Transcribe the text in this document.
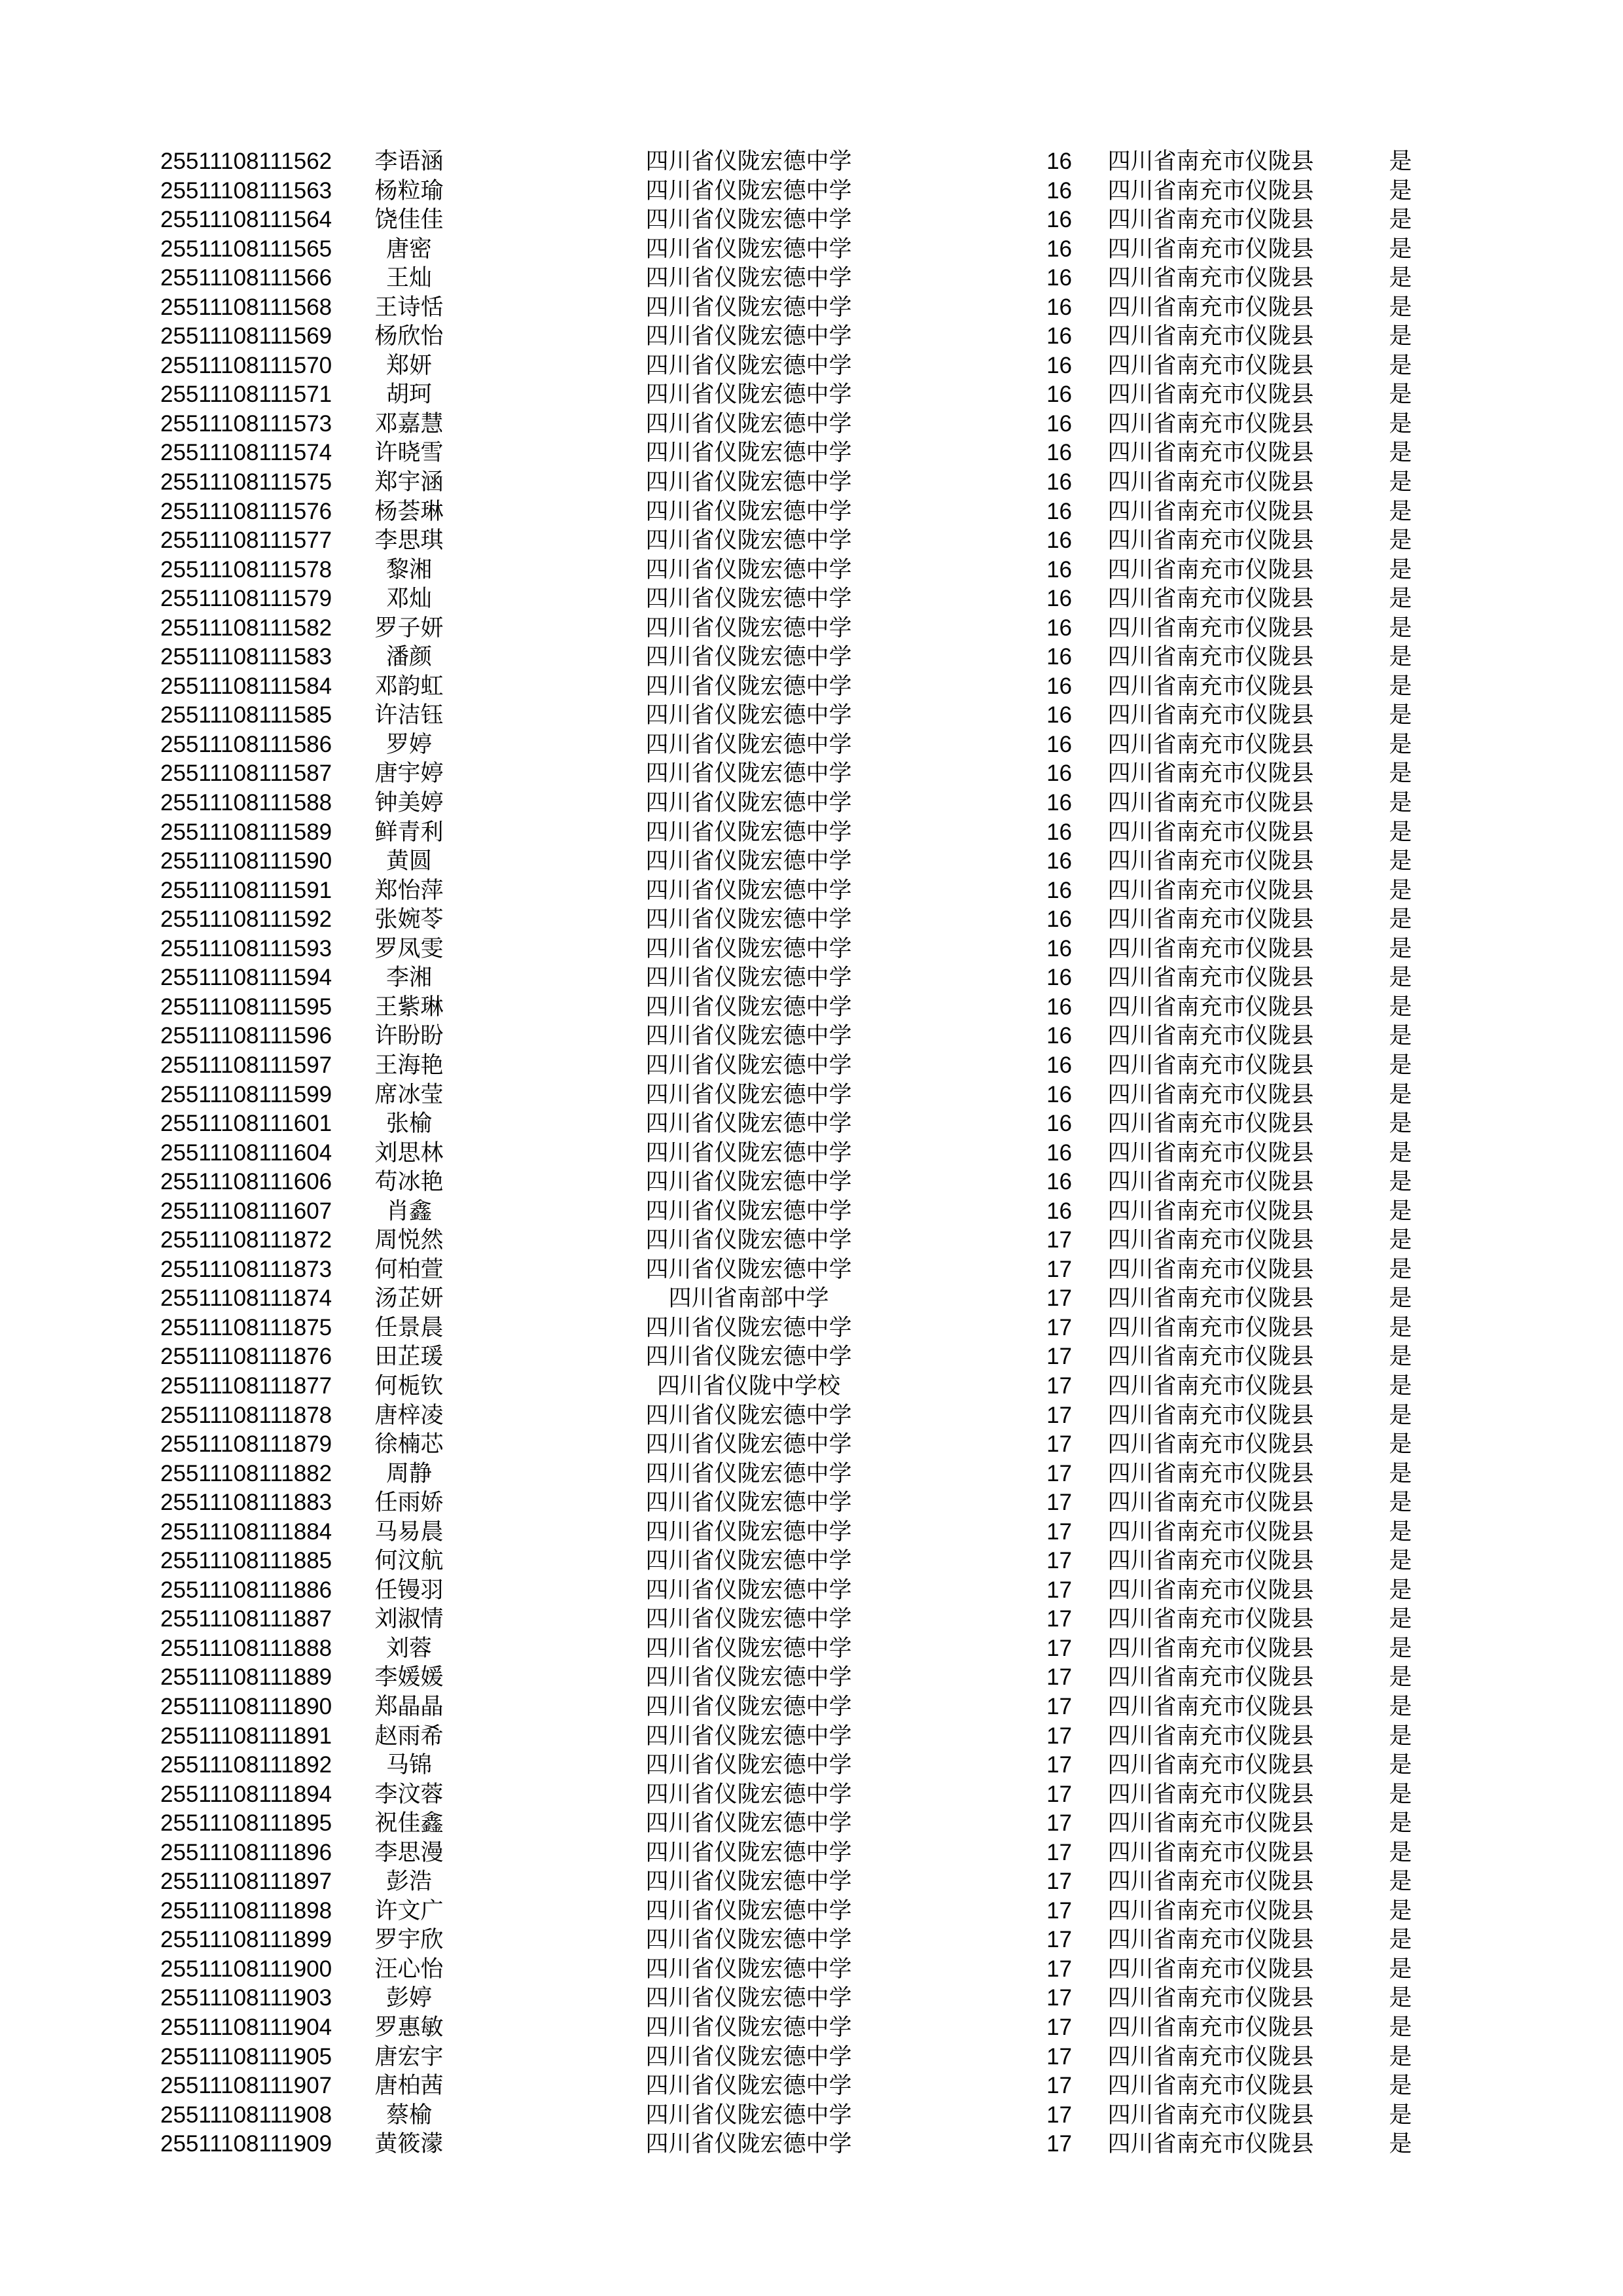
25511108111562	李语涵	四川省仪陇宏德中学	16	四川省南充市仪陇县	是
25511108111563	杨粒瑜	四川省仪陇宏德中学	16	四川省南充市仪陇县	是
25511108111564	饶佳佳	四川省仪陇宏德中学	16	四川省南充市仪陇县	是
25511108111565	唐密	四川省仪陇宏德中学	16	四川省南充市仪陇县	是
25511108111566	王灿	四川省仪陇宏德中学	16	四川省南充市仪陇县	是
25511108111568	王诗恬	四川省仪陇宏德中学	16	四川省南充市仪陇县	是
25511108111569	杨欣怡	四川省仪陇宏德中学	16	四川省南充市仪陇县	是
25511108111570	郑妍	四川省仪陇宏德中学	16	四川省南充市仪陇县	是
25511108111571	胡珂	四川省仪陇宏德中学	16	四川省南充市仪陇县	是
25511108111573	邓嘉慧	四川省仪陇宏德中学	16	四川省南充市仪陇县	是
25511108111574	许晓雪	四川省仪陇宏德中学	16	四川省南充市仪陇县	是
25511108111575	郑宇涵	四川省仪陇宏德中学	16	四川省南充市仪陇县	是
25511108111576	杨荟琳	四川省仪陇宏德中学	16	四川省南充市仪陇县	是
25511108111577	李思琪	四川省仪陇宏德中学	16	四川省南充市仪陇县	是
25511108111578	黎湘	四川省仪陇宏德中学	16	四川省南充市仪陇县	是
25511108111579	邓灿	四川省仪陇宏德中学	16	四川省南充市仪陇县	是
25511108111582	罗子妍	四川省仪陇宏德中学	16	四川省南充市仪陇县	是
25511108111583	潘颜	四川省仪陇宏德中学	16	四川省南充市仪陇县	是
25511108111584	邓韵虹	四川省仪陇宏德中学	16	四川省南充市仪陇县	是
25511108111585	许洁钰	四川省仪陇宏德中学	16	四川省南充市仪陇县	是
25511108111586	罗婷	四川省仪陇宏德中学	16	四川省南充市仪陇县	是
25511108111587	唐宇婷	四川省仪陇宏德中学	16	四川省南充市仪陇县	是
25511108111588	钟美婷	四川省仪陇宏德中学	16	四川省南充市仪陇县	是
25511108111589	鲜青利	四川省仪陇宏德中学	16	四川省南充市仪陇县	是
25511108111590	黄圆	四川省仪陇宏德中学	16	四川省南充市仪陇县	是
25511108111591	郑怡萍	四川省仪陇宏德中学	16	四川省南充市仪陇县	是
25511108111592	张婉苓	四川省仪陇宏德中学	16	四川省南充市仪陇县	是
25511108111593	罗凤雯	四川省仪陇宏德中学	16	四川省南充市仪陇县	是
25511108111594	李湘	四川省仪陇宏德中学	16	四川省南充市仪陇县	是
25511108111595	王紫琳	四川省仪陇宏德中学	16	四川省南充市仪陇县	是
25511108111596	许盼盼	四川省仪陇宏德中学	16	四川省南充市仪陇县	是
25511108111597	王海艳	四川省仪陇宏德中学	16	四川省南充市仪陇县	是
25511108111599	席冰莹	四川省仪陇宏德中学	16	四川省南充市仪陇县	是
25511108111601	张榆	四川省仪陇宏德中学	16	四川省南充市仪陇县	是
25511108111604	刘思林	四川省仪陇宏德中学	16	四川省南充市仪陇县	是
25511108111606	苟冰艳	四川省仪陇宏德中学	16	四川省南充市仪陇县	是
25511108111607	肖鑫	四川省仪陇宏德中学	16	四川省南充市仪陇县	是
25511108111872	周悦然	四川省仪陇宏德中学	17	四川省南充市仪陇县	是
25511108111873	何柏萱	四川省仪陇宏德中学	17	四川省南充市仪陇县	是
25511108111874	汤芷妍	四川省南部中学	17	四川省南充市仪陇县	是
25511108111875	任景晨	四川省仪陇宏德中学	17	四川省南充市仪陇县	是
25511108111876	田芷瑗	四川省仪陇宏德中学	17	四川省南充市仪陇县	是
25511108111877	何栀钦	四川省仪陇中学校	17	四川省南充市仪陇县	是
25511108111878	唐梓凌	四川省仪陇宏德中学	17	四川省南充市仪陇县	是
25511108111879	徐楠芯	四川省仪陇宏德中学	17	四川省南充市仪陇县	是
25511108111882	周静	四川省仪陇宏德中学	17	四川省南充市仪陇县	是
25511108111883	任雨娇	四川省仪陇宏德中学	17	四川省南充市仪陇县	是
25511108111884	马易晨	四川省仪陇宏德中学	17	四川省南充市仪陇县	是
25511108111885	何汶航	四川省仪陇宏德中学	17	四川省南充市仪陇县	是
25511108111886	任镘羽	四川省仪陇宏德中学	17	四川省南充市仪陇县	是
25511108111887	刘淑情	四川省仪陇宏德中学	17	四川省南充市仪陇县	是
25511108111888	刘蓉	四川省仪陇宏德中学	17	四川省南充市仪陇县	是
25511108111889	李媛媛	四川省仪陇宏德中学	17	四川省南充市仪陇县	是
25511108111890	郑晶晶	四川省仪陇宏德中学	17	四川省南充市仪陇县	是
25511108111891	赵雨希	四川省仪陇宏德中学	17	四川省南充市仪陇县	是
25511108111892	马锦	四川省仪陇宏德中学	17	四川省南充市仪陇县	是
25511108111894	李汶蓉	四川省仪陇宏德中学	17	四川省南充市仪陇县	是
25511108111895	祝佳鑫	四川省仪陇宏德中学	17	四川省南充市仪陇县	是
25511108111896	李思漫	四川省仪陇宏德中学	17	四川省南充市仪陇县	是
25511108111897	彭浩	四川省仪陇宏德中学	17	四川省南充市仪陇县	是
25511108111898	许文广	四川省仪陇宏德中学	17	四川省南充市仪陇县	是
25511108111899	罗宇欣	四川省仪陇宏德中学	17	四川省南充市仪陇县	是
25511108111900	汪心怡	四川省仪陇宏德中学	17	四川省南充市仪陇县	是
25511108111903	彭婷	四川省仪陇宏德中学	17	四川省南充市仪陇县	是
25511108111904	罗惠敏	四川省仪陇宏德中学	17	四川省南充市仪陇县	是
25511108111905	唐宏宇	四川省仪陇宏德中学	17	四川省南充市仪陇县	是
25511108111907	唐柏茜	四川省仪陇宏德中学	17	四川省南充市仪陇县	是
25511108111908	蔡榆	四川省仪陇宏德中学	17	四川省南充市仪陇县	是
25511108111909	黄筱濛	四川省仪陇宏德中学	17	四川省南充市仪陇县	是
